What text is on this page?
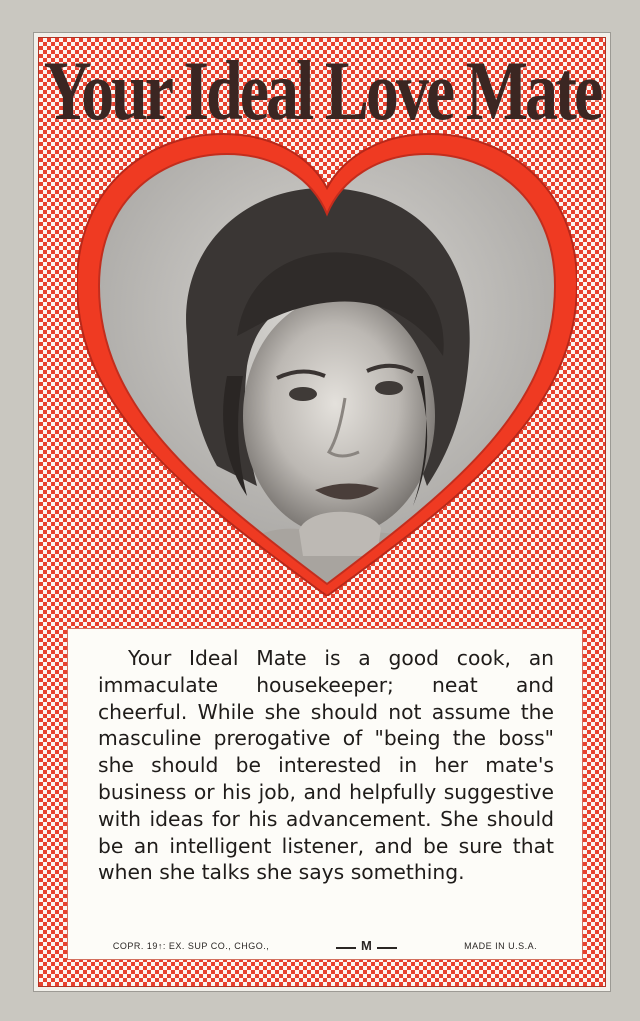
Your Ideal Love Mate

Your Ideal Mate is a good cook, an immaculate housekeeper; neat and cheerful. While she should not assume the masculine prerogative of "being the boss" she should be interested in her mate's business or his job, and helpfully suggestive with ideas for his advancement. She should be an intelligent listener, and be sure that when she talks she says something.

COPR. 19↑: EX. SUP CO., CHGO.,	M	MADE IN U.S.A.
